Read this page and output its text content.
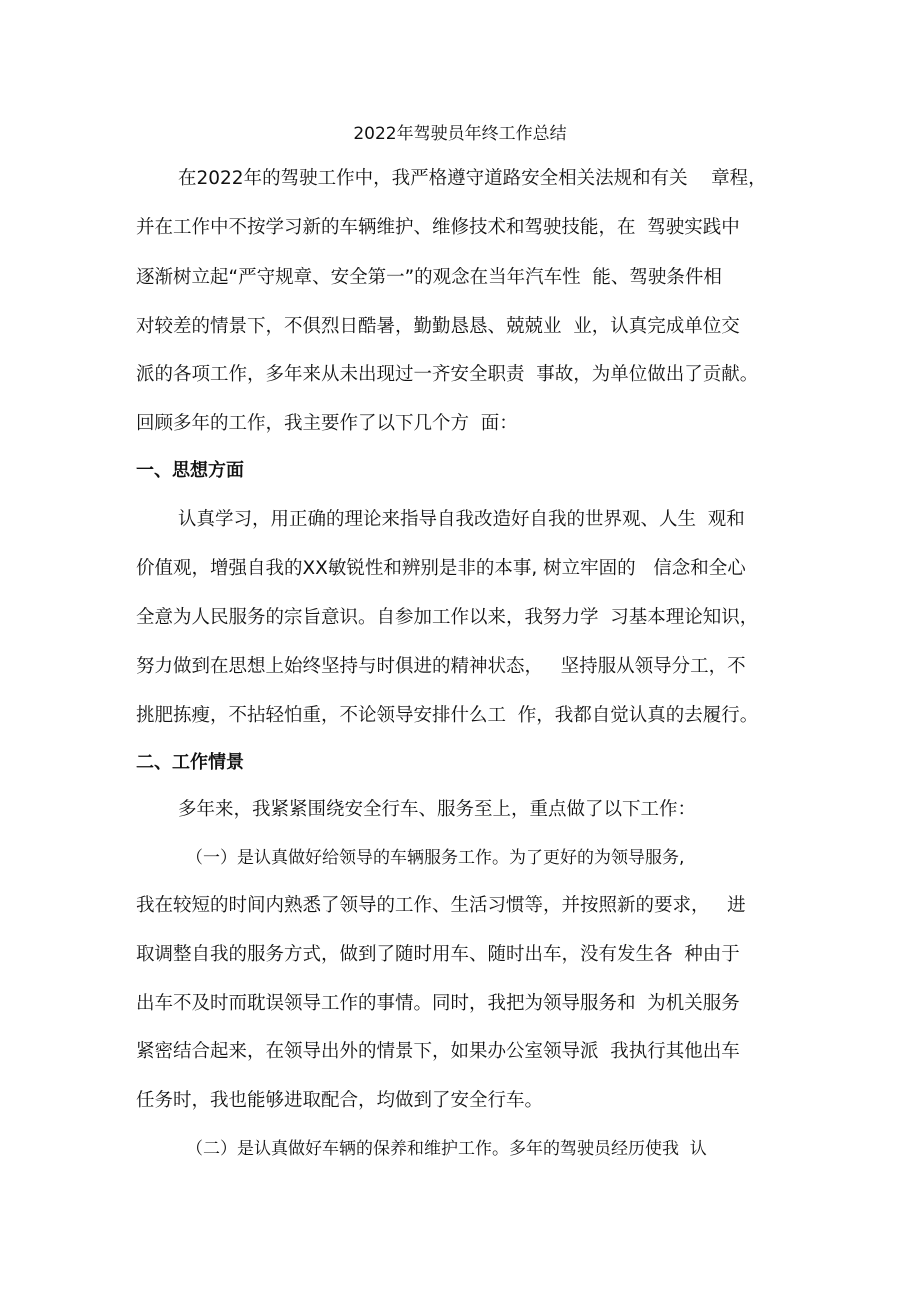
2022年驾驶员年终工作总结
在2022年的驾驶工作中，我严格遵守道路安全相关法规和有关    章程，
并在工作中不按学习新的车辆维护、维修技术和驾驶技能，在  驾驶实践中
逐渐树立起“严守规章、安全第一”的观念在当年汽车性  能、驾驶条件相
对较差的情景下，不俱烈日酷暑，勤勤恳恳、兢兢业  业，认真完成单位交
派的各项工作，多年来从未出现过一齐安全职责  事故，为单位做出了贡献。
回顾多年的工作，我主要作了以下几个方  面：
一、思想方面
认真学习，用正确的理论来指导自我改造好自我的世界观、人生  观和
价值观，增强自我的XX敏锐性和辨别是非的本事, 树立牢固的   信念和全心
全意为人民服务的宗旨意识。自参加工作以来，我努力学  习基本理论知识，
努力做到在思想上始终坚持与时俱进的精神状态，   坚持服从领导分工，不
挑肥拣瘦，不拈轻怕重，不论领导安排什么工  作，我都自觉认真的去履行。
二、工作情景
多年来，我紧紧围绕安全行车、服务至上，重点做了以下工作：
（一）是认真做好给领导的车辆服务工作。为了更好的为领导服务,
我在较短的时间内熟悉了领导的工作、生活习惯等，并按照新的要求，   进
取调整自我的服务方式，做到了随时用车、随时出车，没有发生各  种由于
出车不及时而耽误领导工作的事情。同时，我把为领导服务和  为机关服务
紧密结合起来，在领导出外的情景下，如果办公室领导派  我执行其他出车
任务时，我也能够进取配合，均做到了安全行车。
（二）是认真做好车辆的保养和维护工作。多年的驾驶员经历使我  认
